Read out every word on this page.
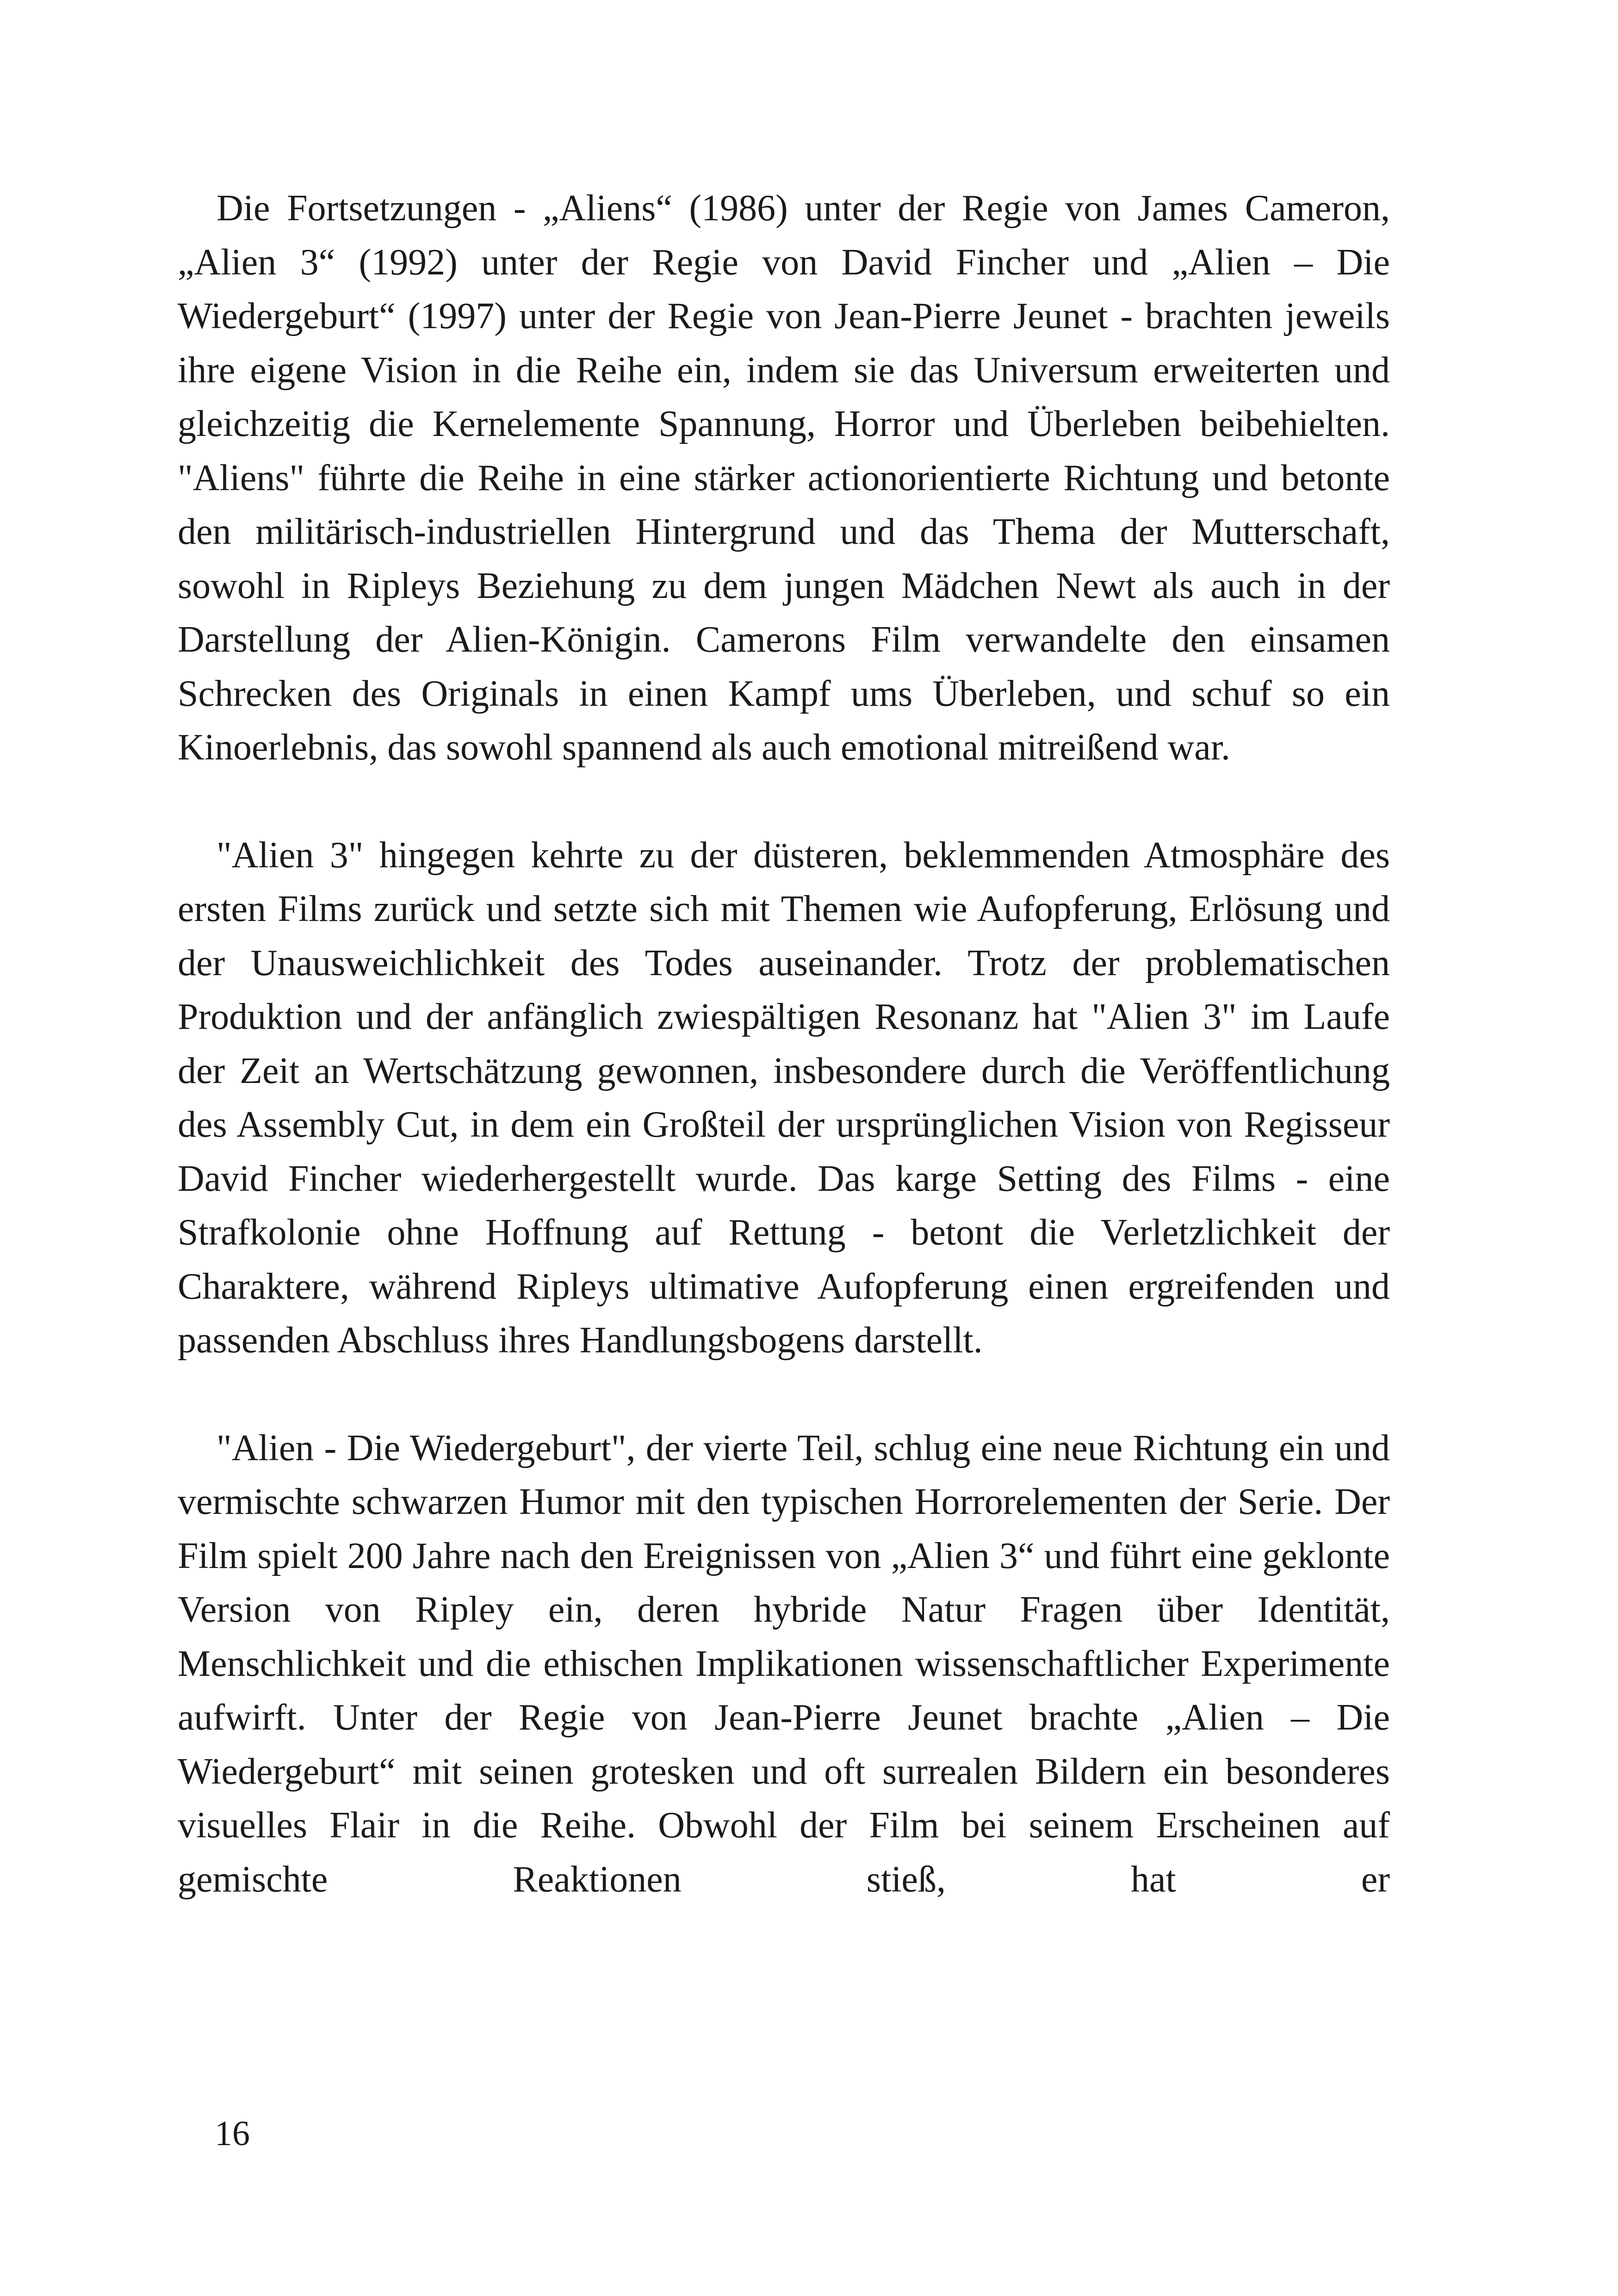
Die Fortsetzungen - „Aliens“ (1986) unter der Regie von James Cameron, „Alien 3“ (1992) unter der Regie von David Fincher und „Alien – Die Wiedergeburt“ (1997) unter der Regie von Jean-Pierre Jeunet - brachten jeweils ihre eigene Vision in die Reihe ein, indem sie das Universum erweiterten und gleichzeitig die Kernelemente Spannung, Horror und Überleben beibehielten. "Aliens" führte die Reihe in eine stärker actionorientierte Richtung und betonte den militärisch-industriellen Hintergrund und das Thema der Mutterschaft, sowohl in Ripleys Beziehung zu dem jungen Mädchen Newt als auch in der Darstellung der Alien-Königin. Camerons Film verwandelte den einsamen Schrecken des Originals in einen Kampf ums Überleben, und schuf so ein Kinoerlebnis, das sowohl spannend als auch emotional mitreißend war.

"Alien 3" hingegen kehrte zu der düsteren, beklemmenden Atmosphäre des ersten Films zurück und setzte sich mit Themen wie Aufopferung, Erlösung und der Unausweichlichkeit des Todes auseinander. Trotz der problematischen Produktion und der anfänglich zwiespältigen Resonanz hat "Alien 3" im Laufe der Zeit an Wertschätzung gewonnen, insbesondere durch die Veröffentlichung des Assembly Cut, in dem ein Großteil der ursprünglichen Vision von Regisseur David Fincher wiederhergestellt wurde. Das karge Setting des Films - eine Strafkolonie ohne Hoffnung auf Rettung - betont die Verletzlichkeit der Charaktere, während Ripleys ultimative Aufopferung einen ergreifenden und passenden Abschluss ihres Handlungsbogens darstellt.

"Alien - Die Wiedergeburt", der vierte Teil, schlug eine neue Richtung ein und vermischte schwarzen Humor mit den typischen Horrorelementen der Serie. Der Film spielt 200 Jahre nach den Ereignissen von „Alien 3“ und führt eine geklonte Version von Ripley ein, deren hybride Natur Fragen über Identität, Menschlichkeit und die ethischen Implikationen wissenschaftlicher Experimente aufwirft. Unter der Regie von Jean-Pierre Jeunet brachte „Alien – Die Wiedergeburt“ mit seinen grotesken und oft surrealen Bildern ein besonderes visuelles Flair in die Reihe. Obwohl der Film bei seinem Erscheinen auf gemischte Reaktionen stieß, hat er

16
